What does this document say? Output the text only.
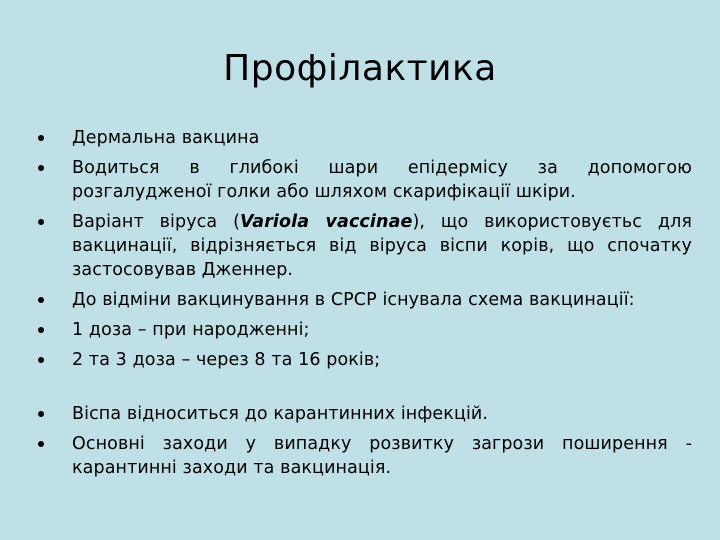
Профілактика
Дермальна вакцина
Водиться в глибокі шари епідермісу за допомогою розгалудженої голки або шляхом скарифікації шкіри.
Варіант віруса (Variola vaccinae), що використовуєтьс для вакцинації, відрізняється від віруса віспи корів, що спочатку застосовував Дженнер.
До відміни вакцинування в СРСР існувала схема вакцинації:
1 доза – при народженні;
2 та 3 доза – через 8 та 16 років;
Віспа відноситься до карантинних інфекцій.
Основні заходи у випадку розвитку загрози поширення - карантинні заходи та вакцинація.
